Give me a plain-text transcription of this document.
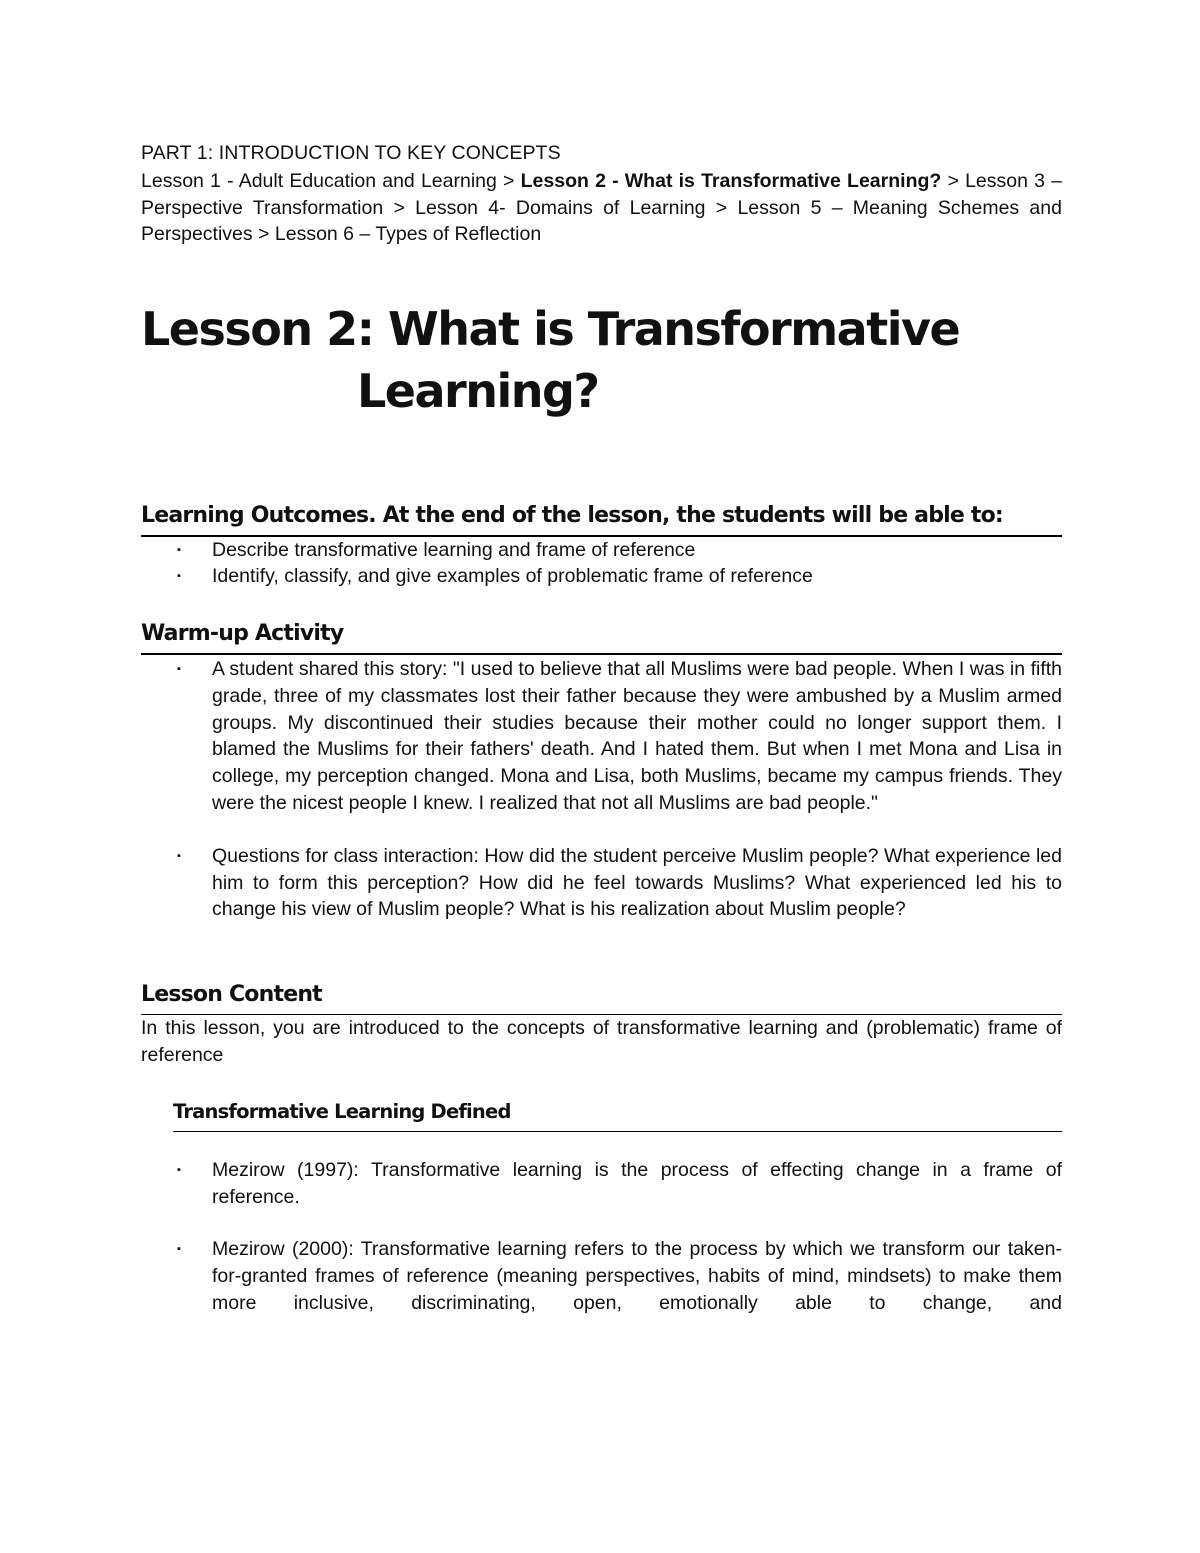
PART 1: INTRODUCTION TO KEY CONCEPTS

Lesson 1 - Adult Education and Learning > Lesson 2 - What is Transformative Learning? > Lesson 3 – Perspective Transformation > Lesson 4- Domains of Learning > Lesson 5 – Meaning Schemes and Perspectives > Lesson 6 – Types of Reflection

Lesson 2: What is Transformative
Learning?
Learning Outcomes. At the end of the lesson, the students will be able to:
▪ Describe transformative learning and frame of reference
▪ Identify, classify, and give examples of problematic frame of reference
Warm-up Activity
▪ A student shared this story: "I used to believe that all Muslims were bad people. When I was in fifth grade, three of my classmates lost their father because they were ambushed by a Muslim armed groups. My discontinued their studies because their mother could no longer support them. I blamed the Muslims for their fathers' death. And I hated them. But when I met Mona and Lisa in college, my perception changed. Mona and Lisa, both Muslims, became my campus friends. They were the nicest people I knew. I realized that not all Muslims are bad people."
▪ Questions for class interaction: How did the student perceive Muslim people? What experience led him to form this perception? How did he feel towards Muslims? What experienced led his to change his view of Muslim people? What is his realization about Muslim people?
Lesson Content

In this lesson, you are introduced to the concepts of transformative learning and (problematic) frame of reference

Transformative Learning Defined
▪ Mezirow (1997): Transformative learning is the process of effecting change in a frame of reference.
▪ Mezirow (2000): Transformative learning refers to the process by which we transform our taken-for-granted frames of reference (meaning perspectives, habits of mind, mindsets) to make them more inclusive, discriminating, open, emotionally able to change, and
